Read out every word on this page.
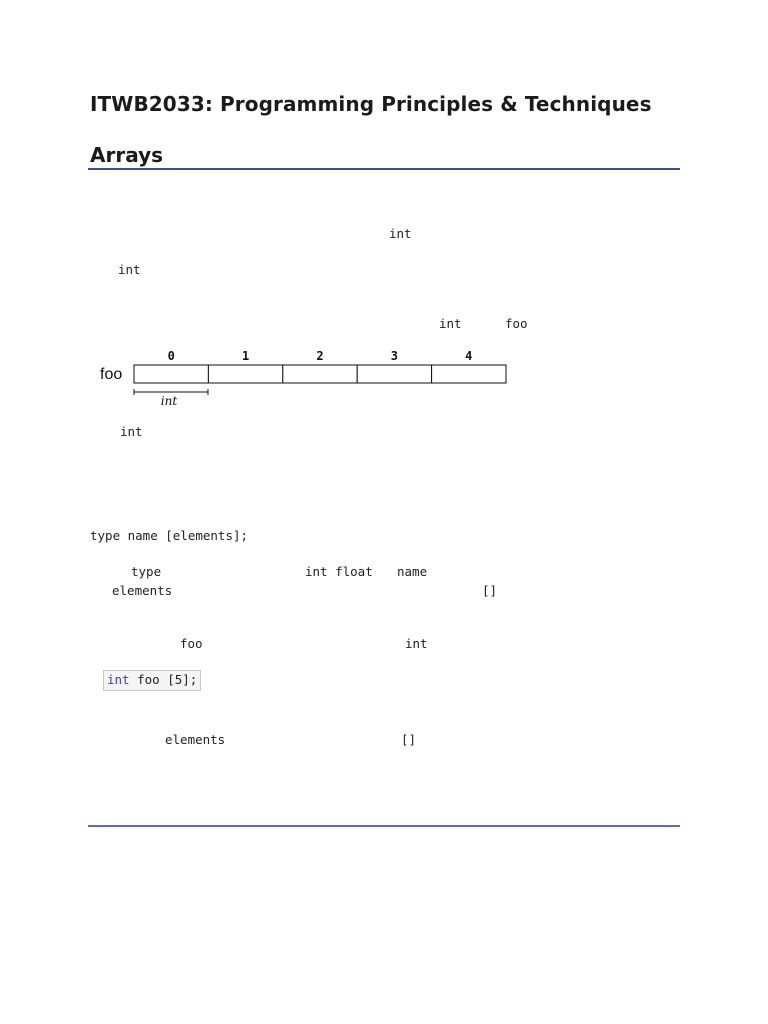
ITWB2033: Programming Principles & Techniques
Arrays
int
int
int	foo
foo
0	1	2	3	4
int
int
type name [elements];
type	int float name
elements	[]
foo	int
int foo [5];
elements	[]
